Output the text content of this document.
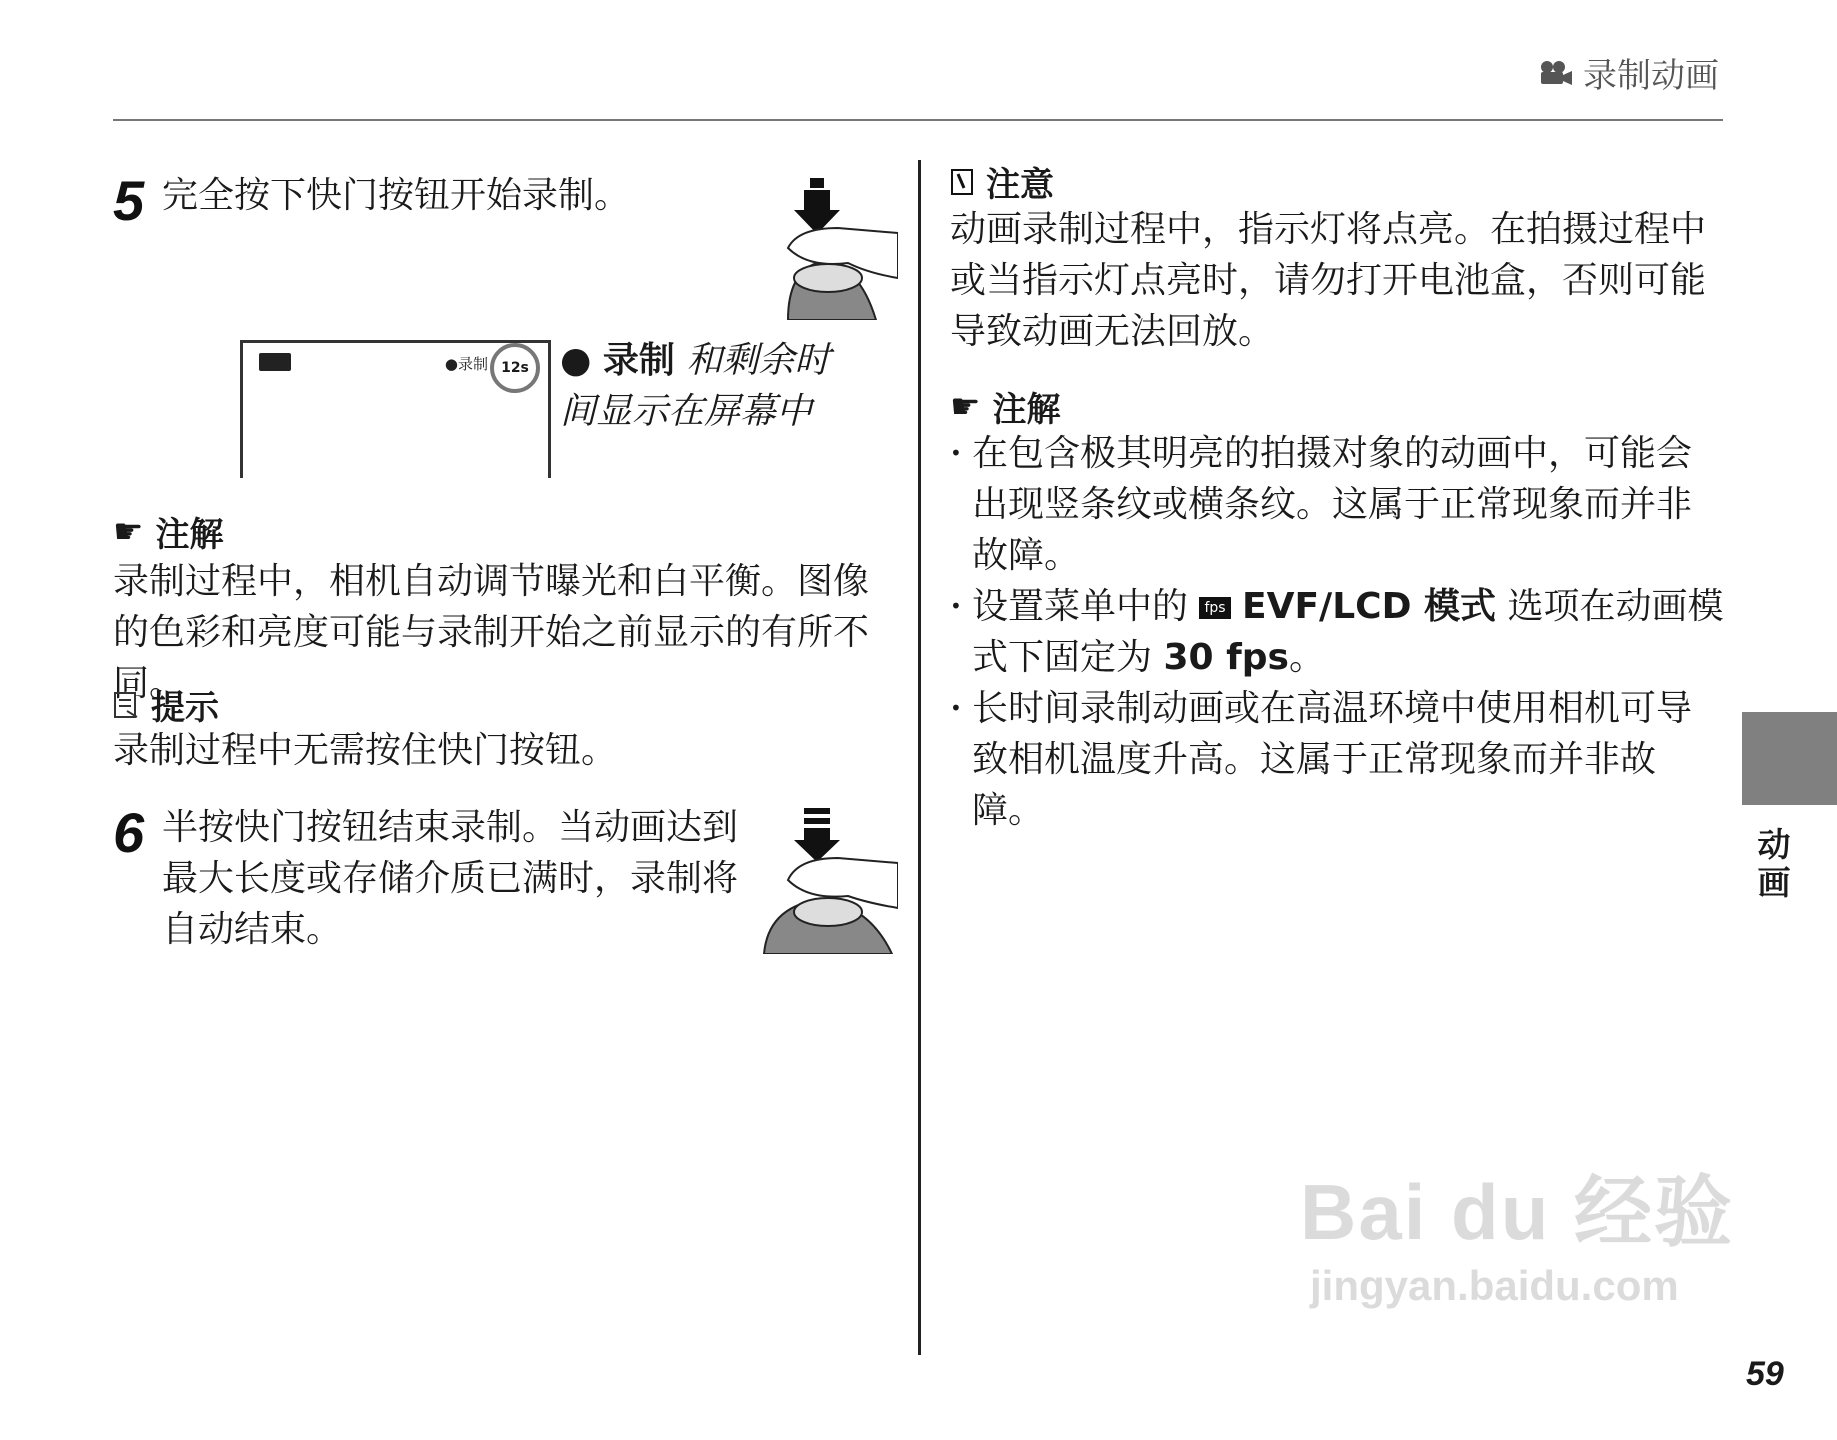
录制动画
5 完全按下快门按钮开始录制。
●录制 12s ● 录制 和剩余时
间显示在屏幕中
☛ 注解
录制过程中，相机自动调节曝光和白平衡。图像的色彩和亮度可能与录制开始之前显示的有所不同。
提示
录制过程中无需按住快门按钮。
6 半按快门按钮结束录制。当动画达到最大长度或存储介质已满时，录制将自动结束。
注意
动画录制过程中，指示灯将点亮。在拍摄过程中或当指示灯点亮时，请勿打开电池盒，否则可能导致动画无法回放。
☛ 注解
• 在包含极其明亮的拍摄对象的动画中，可能会出现竖条纹或横条纹。这属于正常现象而并非故障。
• 设置菜单中的 fps EVF/LCD 模式 选项在动画模式下固定为 30 fps。
• 长时间录制动画或在高温环境中使用相机可导致相机温度升高。这属于正常现象而并非故障。
动
画
Bai du 经验
jingyan.baidu.com
59
